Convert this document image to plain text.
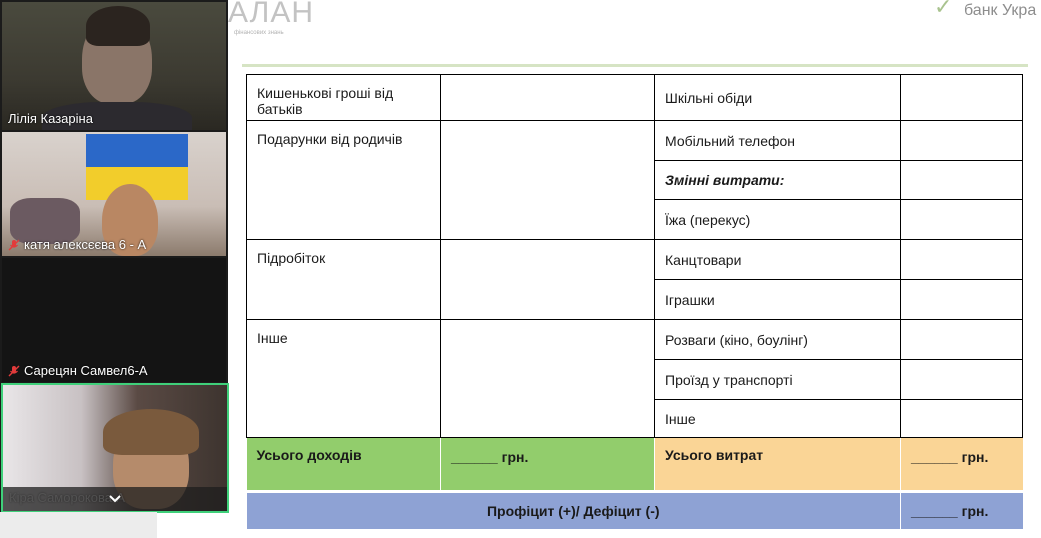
Лілія Казаріна
катя алексєєва 6 - А
Сарецян Самвел6-А
АЛАН
фінансових знань
✓ банк Укра
Кишенькові гроші від батьків		Шкільні обіди	
Подарунки від родичів		Мобільний телефон	
		Змінні витрати:	
		Їжа (перекус)	
Підробіток		Канцтовари	
		Іграшки	
Інше		Розваги (кіно, боулінг)	
		Проїзд у транспорті	
		Інше	
Усього доходів	______ грн.	Усього витрат	______ грн.

Профіцит (+)/ Дефіцит (-)			______ грн.
